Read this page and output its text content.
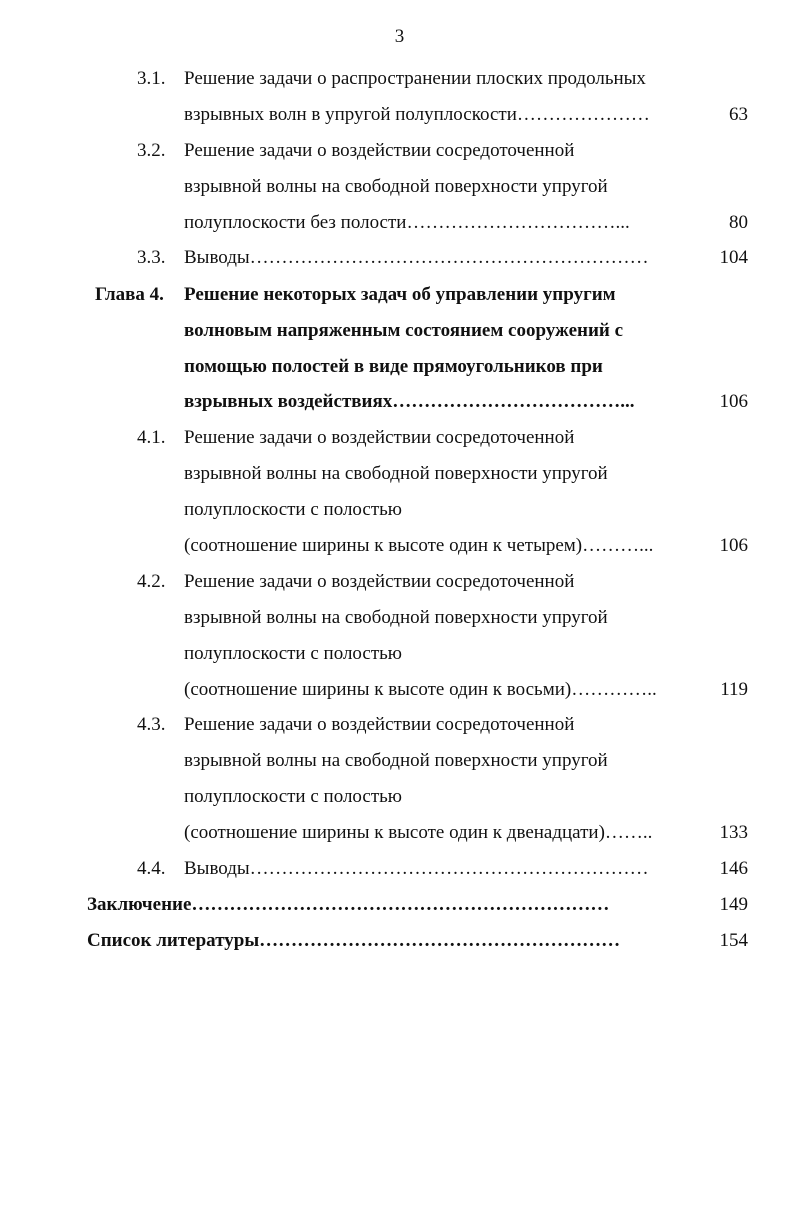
3
3.1. Решение задачи о распространении плоских продольных
взрывных волн в упругой полуплоскости…………………	63
3.2. Решение задачи о воздействии сосредоточенной
взрывной волны на свободной поверхности упругой
полуплоскости без полости……………………………...	80
3.3. Выводы………………………………………………………	104
Глава 4. Решение некоторых задач об управлении упругим
волновым напряженным состоянием сооружений с
помощью полостей в виде прямоугольников при
взрывных воздействиях………………………………...	106
4.1. Решение задачи о воздействии сосредоточенной
взрывной волны на свободной поверхности упругой
полуплоскости с полостью
(соотношение ширины к высоте один к четырем)………...	106
4.2. Решение задачи о воздействии сосредоточенной
взрывной волны на свободной поверхности упругой
полуплоскости с полостью
(соотношение ширины к высоте один к восьми)…………..	119
4.3. Решение задачи о воздействии сосредоточенной
взрывной волны на свободной поверхности упругой
полуплоскости с полостью
(соотношение ширины к высоте один к двенадцати)……..	133
4.4. Выводы………………………………………………………	146
Заключение…………………………………………………………	149
Список литературы…………………………………………………	154
